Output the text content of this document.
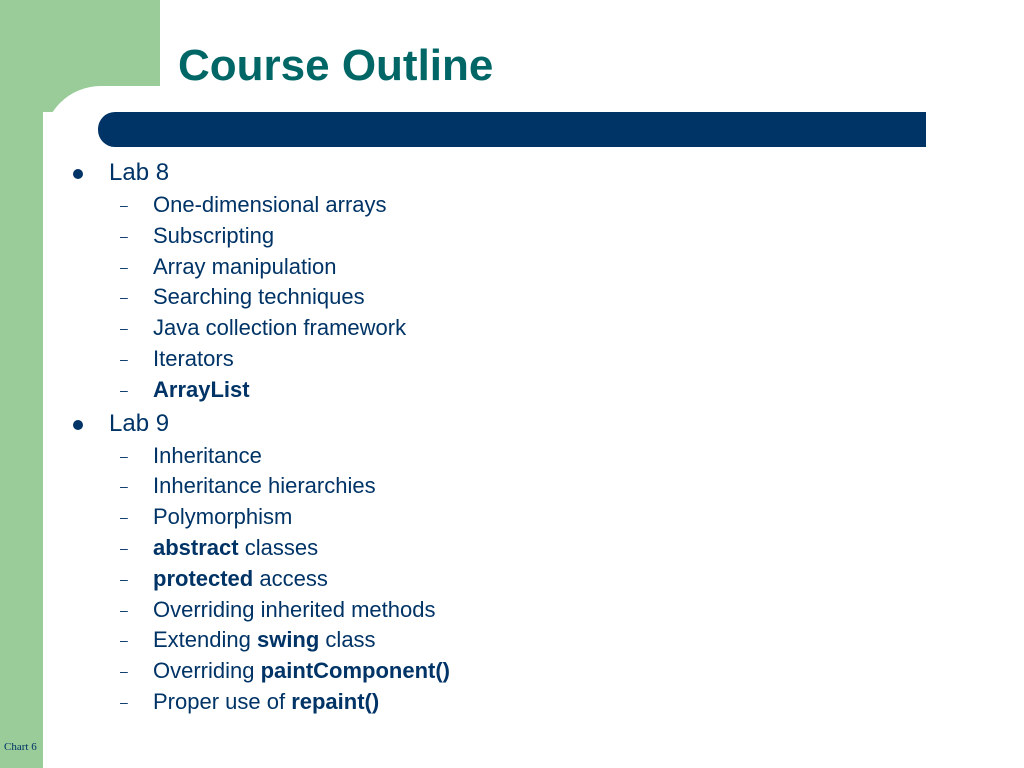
Course Outline
Lab 8
– One-dimensional arrays
– Subscripting
– Array manipulation
– Searching techniques
– Java collection framework
– Iterators
– ArrayList
Lab 9
– Inheritance
– Inheritance hierarchies
– Polymorphism
– abstract classes
– protected access
– Overriding inherited methods
– Extending swing class
– Overriding paintComponent()
– Proper use of repaint()
Chart 6
